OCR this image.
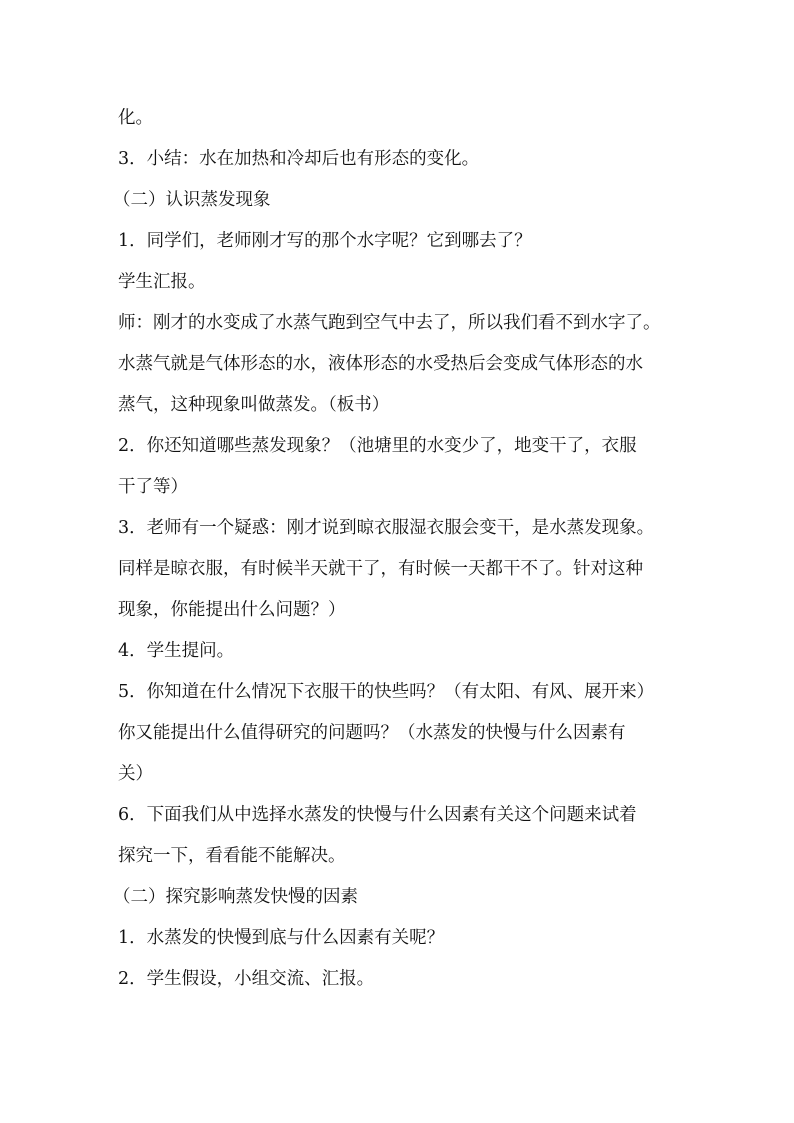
化。
3．小结：水在加热和冷却后也有形态的变化。
（二）认识蒸发现象
1．同学们，老师刚才写的那个水字呢？它到哪去了？
学生汇报。
师：刚才的水变成了水蒸气跑到空气中去了，所以我们看不到水字了。
水蒸气就是气体形态的水，液体形态的水受热后会变成气体形态的水
蒸气，这种现象叫做蒸发。（板书）
2．你还知道哪些蒸发现象？（池塘里的水变少了，地变干了，衣服
干了等）
3．老师有一个疑惑：刚才说到晾衣服湿衣服会变干，是水蒸发现象。
同样是晾衣服，有时候半天就干了，有时候一天都干不了。针对这种
现象，你能提出什么问题？）
4．学生提问。
5．你知道在什么情况下衣服干的快些吗？（有太阳、有风、展开来）
你又能提出什么值得研究的问题吗？（水蒸发的快慢与什么因素有
关）
6．下面我们从中选择水蒸发的快慢与什么因素有关这个问题来试着
探究一下，看看能不能解决。
（二）探究影响蒸发快慢的因素
1．水蒸发的快慢到底与什么因素有关呢？
2．学生假设，小组交流、汇报。
